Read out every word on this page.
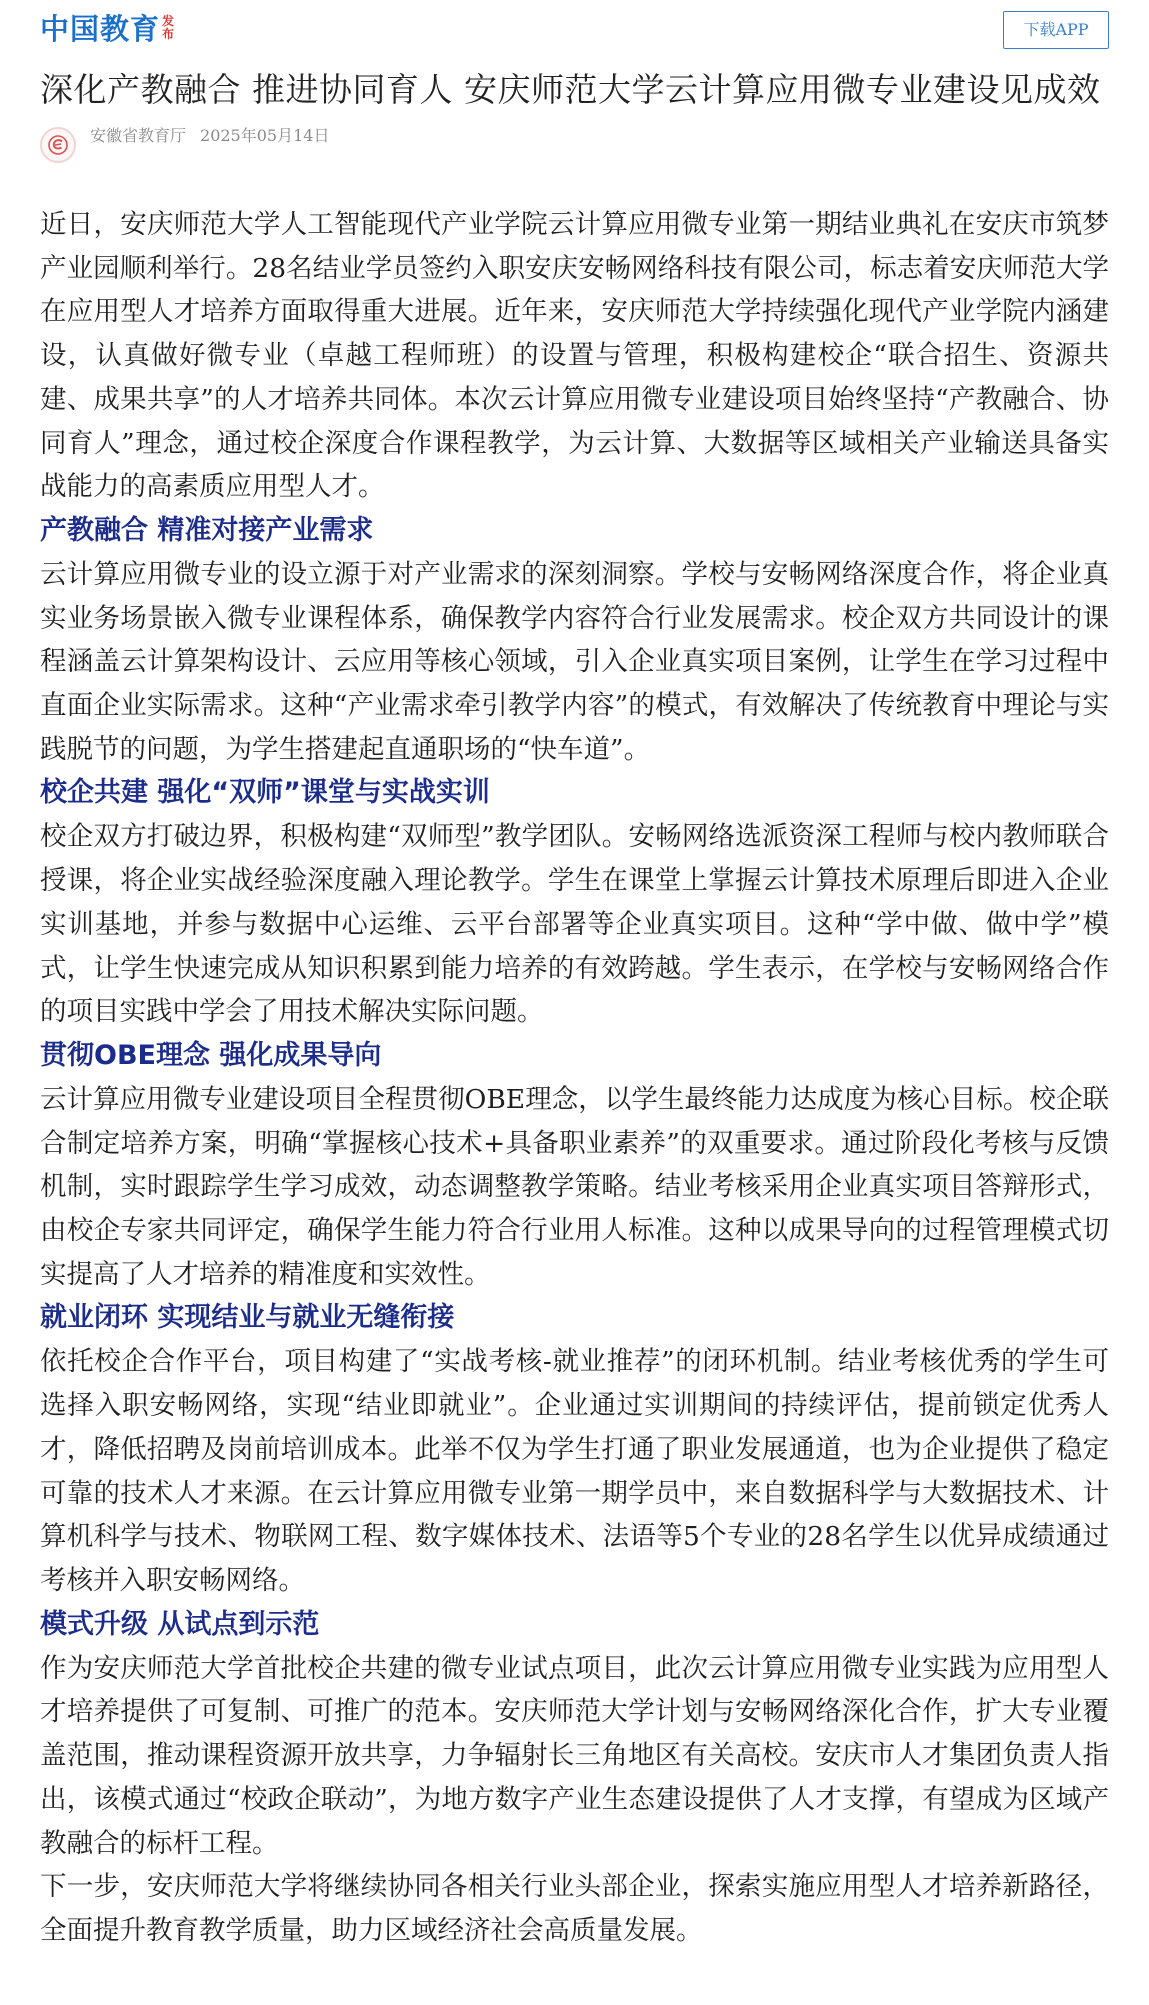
中国教育 发
布	下载APP
深化产教融合 推进协同育人 安庆师范大学云计算应用微专业建设见成效
安徽省教育厅 2025年05月14日

近日，安庆师范大学人工智能现代产业学院云计算应用微专业第一期结业典礼在安庆市筑梦产业园顺利举行。28名结业学员签约入职安庆安畅网络科技有限公司，标志着安庆师范大学在应用型人才培养方面取得重大进展。近年来，安庆师范大学持续强化现代产业学院内涵建设，认真做好微专业（卓越工程师班）的设置与管理，积极构建校企“联合招生、资源共建、成果共享”的人才培养共同体。本次云计算应用微专业建设项目始终坚持“产教融合、协同育人”理念，通过校企深度合作课程教学，为云计算、大数据等区域相关产业输送具备实战能力的高素质应用型人才。

产教融合 精准对接产业需求

云计算应用微专业的设立源于对产业需求的深刻洞察。学校与安畅网络深度合作，将企业真实业务场景嵌入微专业课程体系，确保教学内容符合行业发展需求。校企双方共同设计的课程涵盖云计算架构设计、云应用等核心领域，引入企业真实项目案例，让学生在学习过程中直面企业实际需求。这种“产业需求牵引教学内容”的模式，有效解决了传统教育中理论与实践脱节的问题，为学生搭建起直通职场的“快车道”。

校企共建 强化“双师”课堂与实战实训

校企双方打破边界，积极构建“双师型”教学团队。安畅网络选派资深工程师与校内教师联合授课，将企业实战经验深度融入理论教学。学生在课堂上掌握云计算技术原理后即进入企业实训基地，并参与数据中心运维、云平台部署等企业真实项目。这种“学中做、做中学”模式，让学生快速完成从知识积累到能力培养的有效跨越。学生表示，在学校与安畅网络合作的项目实践中学会了用技术解决实际问题。

贯彻OBE理念 强化成果导向

云计算应用微专业建设项目全程贯彻OBE理念，以学生最终能力达成度为核心目标。校企联合制定培养方案，明确“掌握核心技术+具备职业素养”的双重要求。通过阶段化考核与反馈机制，实时跟踪学生学习成效，动态调整教学策略。结业考核采用企业真实项目答辩形式，由校企专家共同评定，确保学生能力符合行业用人标准。这种以成果导向的过程管理模式切实提高了人才培养的精准度和实效性。

就业闭环 实现结业与就业无缝衔接

依托校企合作平台，项目构建了“实战考核-就业推荐”的闭环机制。结业考核优秀的学生可选择入职安畅网络，实现“结业即就业”。企业通过实训期间的持续评估，提前锁定优秀人才，降低招聘及岗前培训成本。此举不仅为学生打通了职业发展通道，也为企业提供了稳定可靠的技术人才来源。在云计算应用微专业第一期学员中，来自数据科学与大数据技术、计算机科学与技术、物联网工程、数字媒体技术、法语等5个专业的28名学生以优异成绩通过考核并入职安畅网络。

模式升级 从试点到示范

作为安庆师范大学首批校企共建的微专业试点项目，此次云计算应用微专业实践为应用型人才培养提供了可复制、可推广的范本。安庆师范大学计划与安畅网络深化合作，扩大专业覆盖范围，推动课程资源开放共享，力争辐射长三角地区有关高校。安庆市人才集团负责人指出，该模式通过“校政企联动”，为地方数字产业生态建设提供了人才支撑，有望成为区域产教融合的标杆工程。

下一步，安庆师范大学将继续协同各相关行业头部企业，探索实施应用型人才培养新路径，全面提升教育教学质量，助力区域经济社会高质量发展。
